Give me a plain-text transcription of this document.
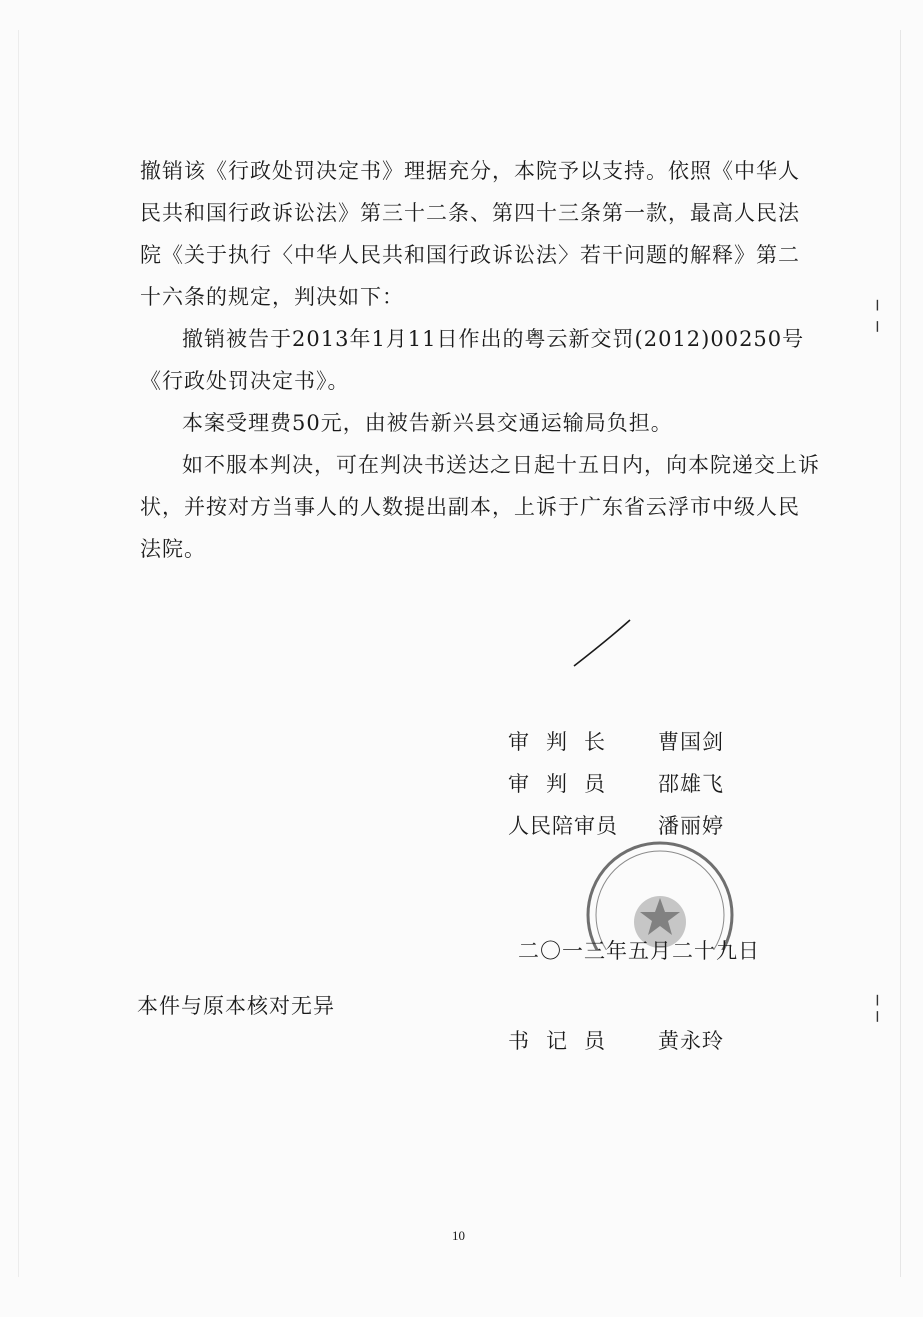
撤销该《行政处罚决定书》理据充分，本院予以支持。依照《中华人民共和国行政诉讼法》第三十二条、第四十三条第一款，最高人民法院《关于执行〈中华人民共和国行政诉讼法〉若干问题的解释》第二十六条的规定，判决如下：

撤销被告于2013年1月11日作出的粤云新交罚(2012)00250号《行政处罚决定书》。

本案受理费50元，由被告新兴县交通运输局负担。

如不服本判决，可在判决书送达之日起十五日内，向本院递交上诉状，并按对方当事人的人数提出副本，上诉于广东省云浮市中级人民法院。

审判长	曹国剑
审判员	邵雄飞
人民陪审员	潘丽婷
二〇一三年五月二十九日
本件与原本核对无异
书记员	黄永玲
10
╷
╵
╷
╵
